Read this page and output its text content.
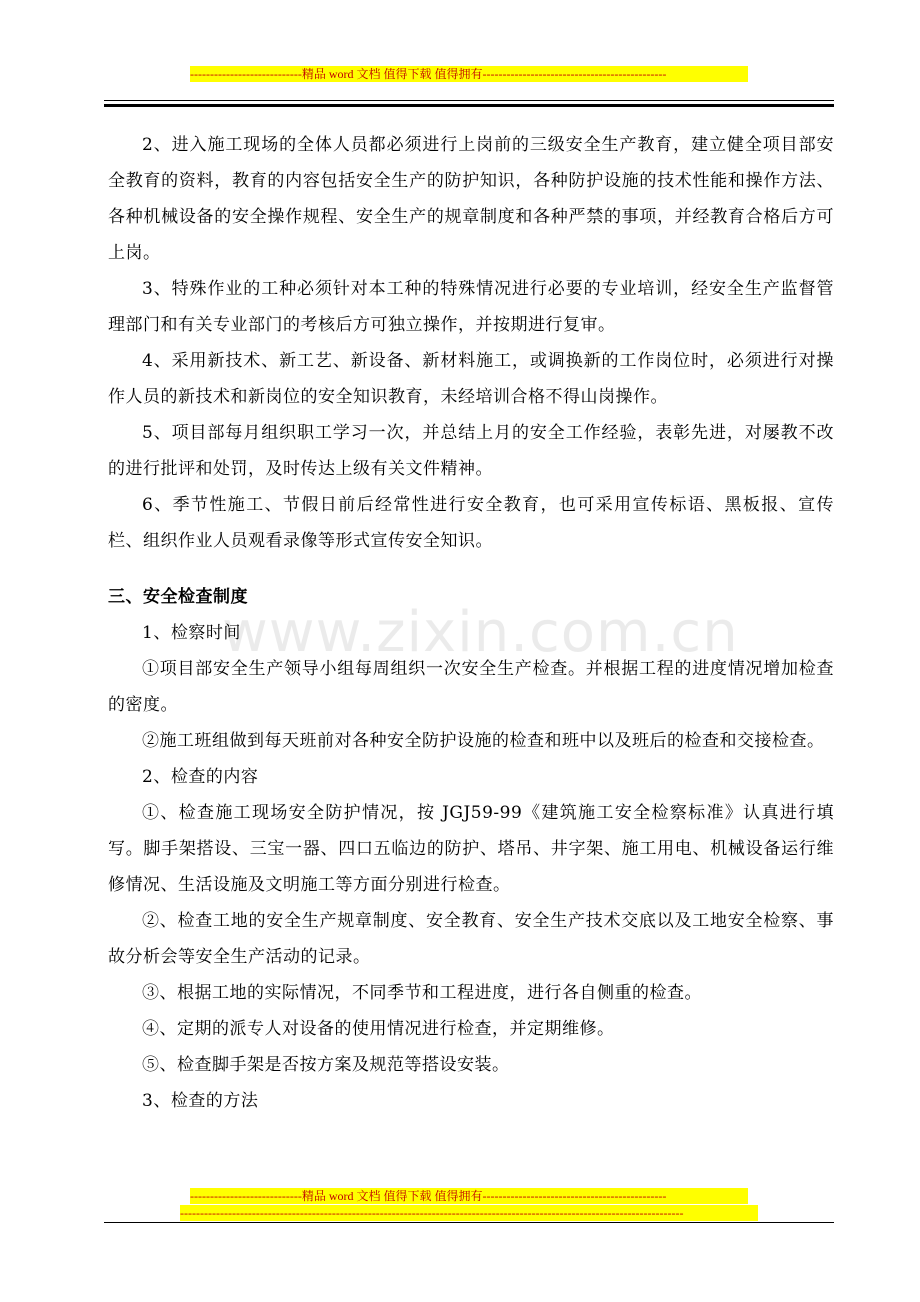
----------------------------精品 word 文档 值得下载 值得拥有----------------------------------------------
www.zixin.com.cn

2、进入施工现场的全体人员都必须进行上岗前的三级安全生产教育，建立健全项目部安全教育的资料，教育的内容包括安全生产的防护知识，各种防护设施的技术性能和操作方法、各种机械设备的安全操作规程、安全生产的规章制度和各种严禁的事项，并经教育合格后方可上岗。

3、特殊作业的工种必须针对本工种的特殊情况进行必要的专业培训，经安全生产监督管理部门和有关专业部门的考核后方可独立操作，并按期进行复审。

4、采用新技术、新工艺、新设备、新材料施工，或调换新的工作岗位时，必须进行对操作人员的新技术和新岗位的安全知识教育，未经培训合格不得山岗操作。

5、项目部每月组织职工学习一次，并总结上月的安全工作经验，表彰先进，对屡教不改的进行批评和处罚，及时传达上级有关文件精神。

6、季节性施工、节假日前后经常性进行安全教育，也可采用宣传标语、黑板报、宣传栏、组织作业人员观看录像等形式宣传安全知识。

三、安全检查制度

1、检察时间

①项目部安全生产领导小组每周组织一次安全生产检查。并根据工程的进度情况增加检查的密度。

②施工班组做到每天班前对各种安全防护设施的检查和班中以及班后的检查和交接检查。

2、检查的内容

①、检查施工现场安全防护情况，按 JGJ59-99《建筑施工安全检察标准》认真进行填写。脚手架搭设、三宝一器、四口五临边的防护、塔吊、井字架、施工用电、机械设备运行维修情况、生活设施及文明施工等方面分别进行检查。

②、检查工地的安全生产规章制度、安全教育、安全生产技术交底以及工地安全检察、事故分析会等安全生产活动的记录。

③、根据工地的实际情况，不同季节和工程进度，进行各自侧重的检查。

④、定期的派专人对设备的使用情况进行检查，并定期维修。

⑤、检查脚手架是否按方案及规范等搭设安装。

3、检查的方法

----------------------------精品 word 文档 值得下载 值得拥有----------------------------------------------
------------------------------------------------------------------------------------------------------------------------------
